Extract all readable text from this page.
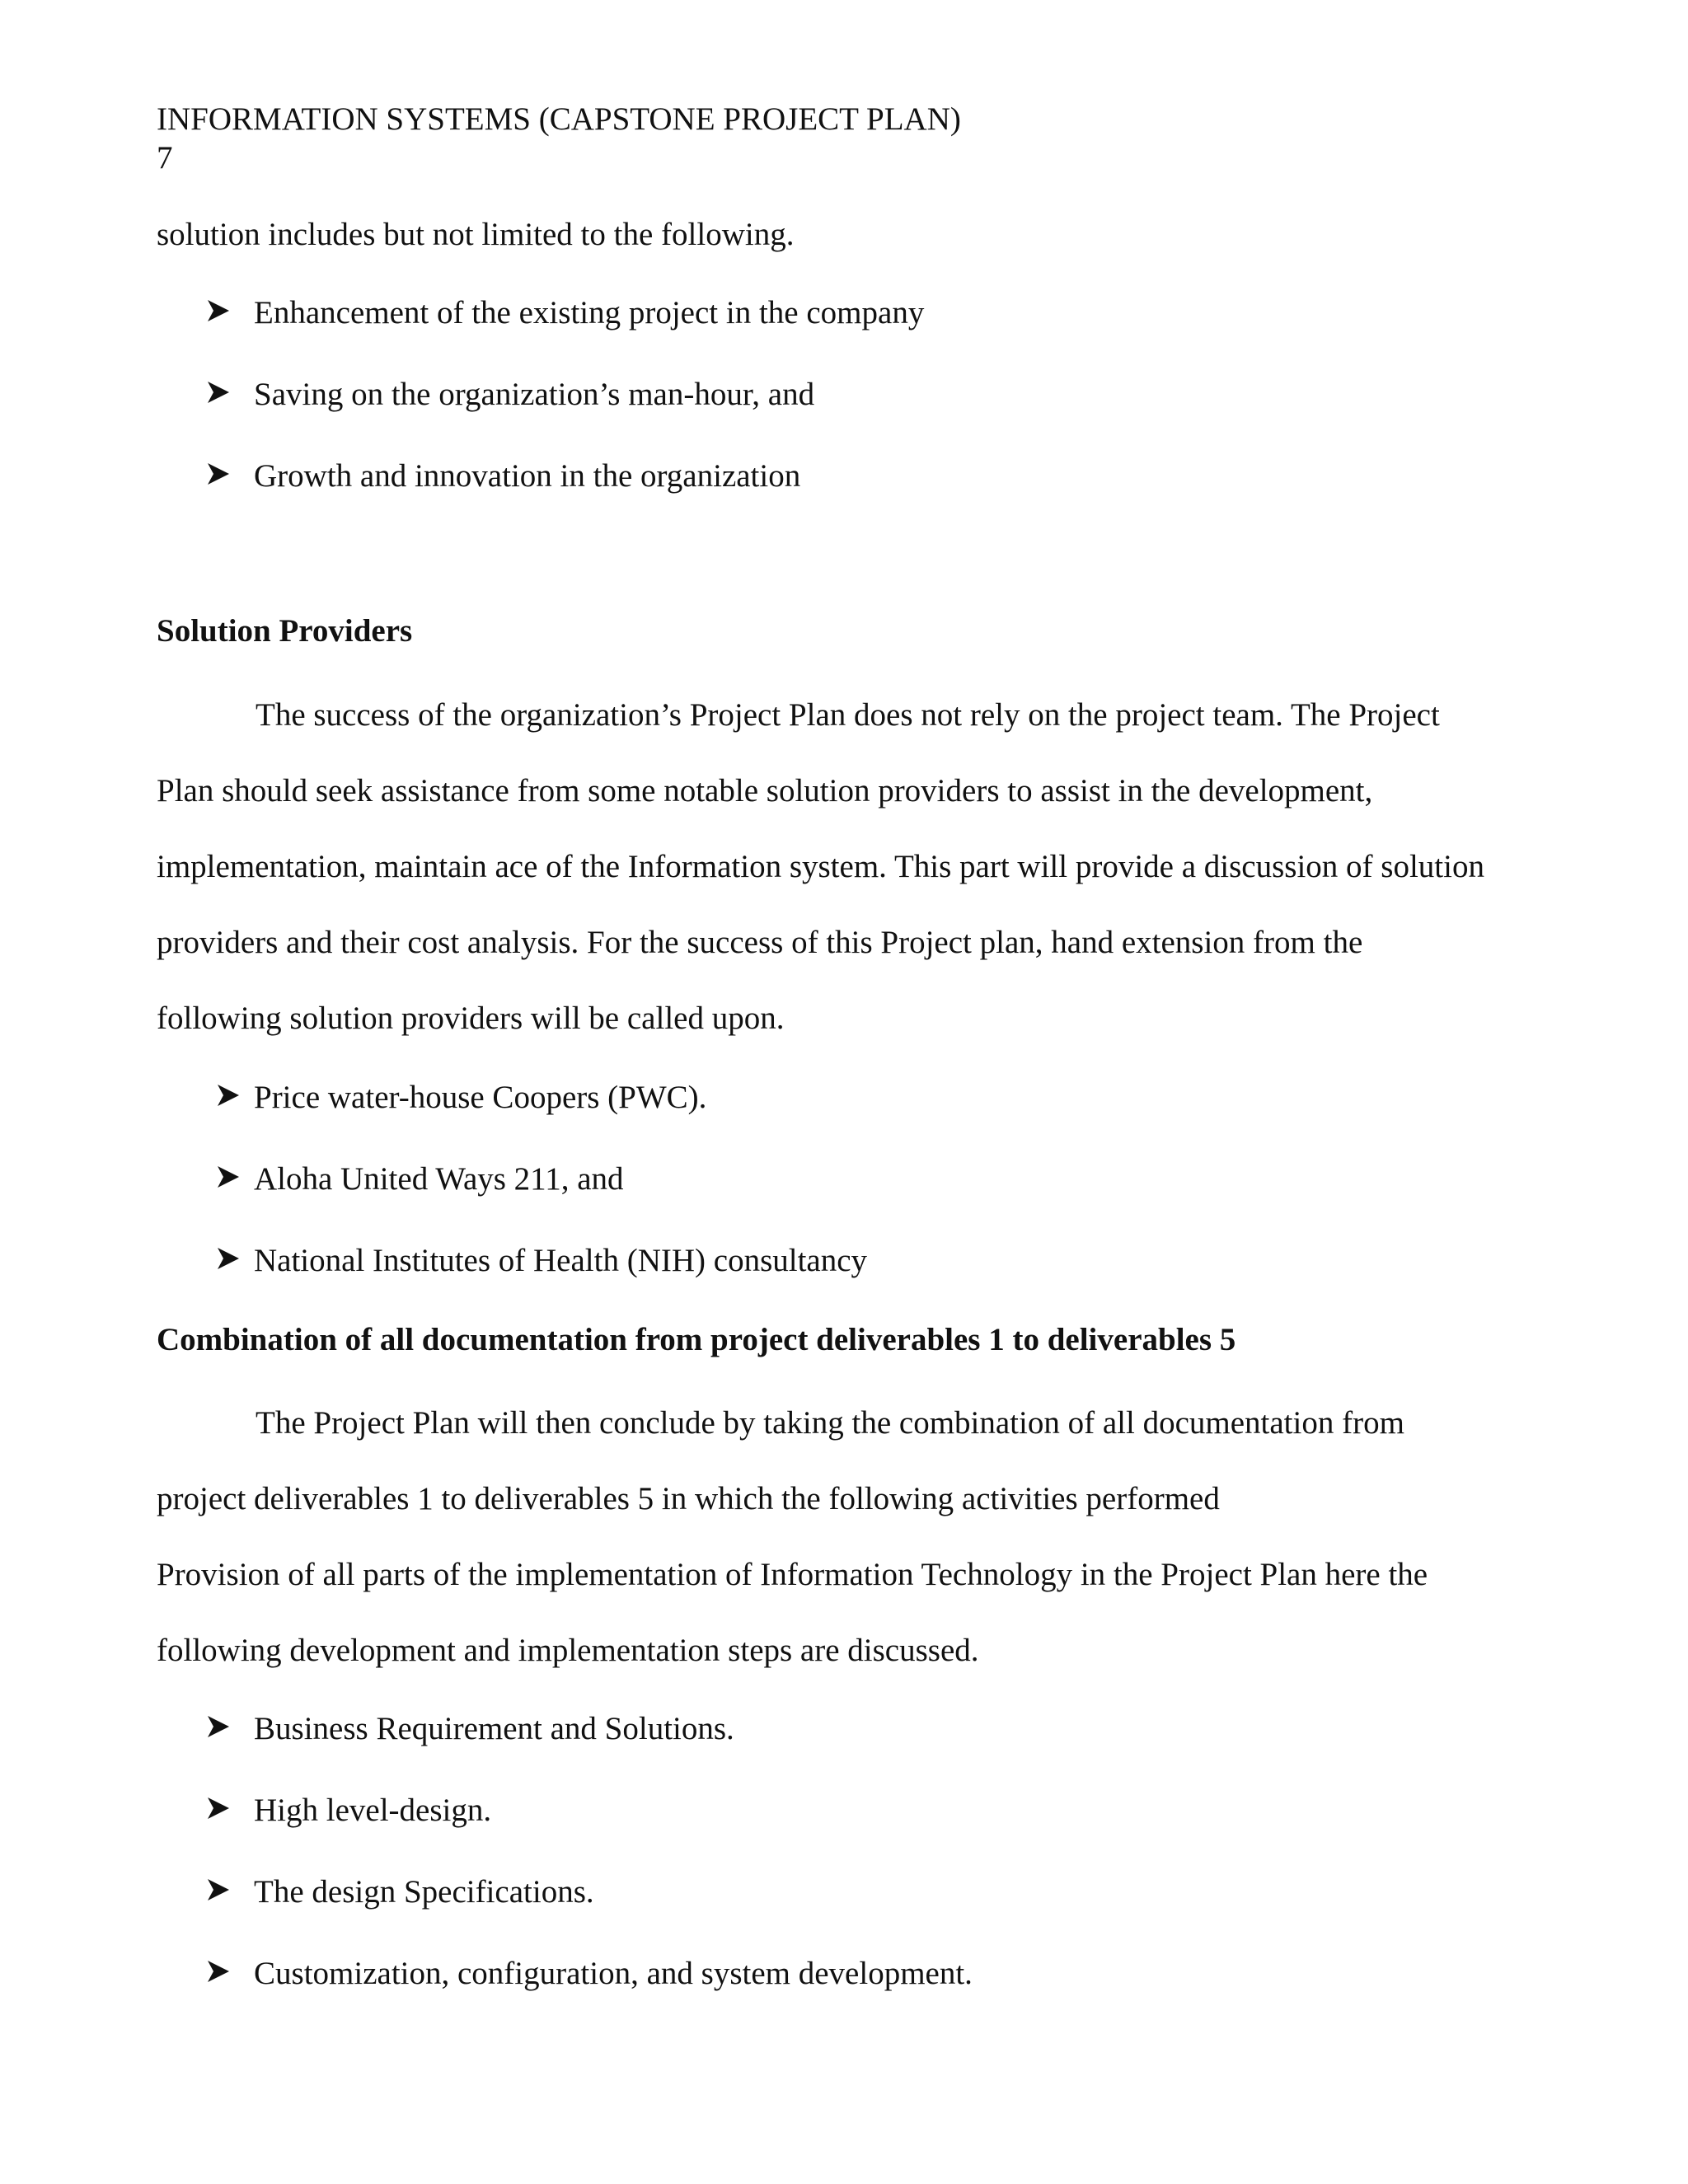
INFORMATION SYSTEMS (CAPSTONE PROJECT PLAN)
7
solution includes but not limited to the following.
Enhancement of the existing project in the company
Saving on the organization’s man-hour, and
Growth and innovation in the organization
Solution Providers
The success of the organization’s Project Plan does not rely on the project team. The Project
Plan should seek assistance from some notable solution providers to assist in the development,
implementation, maintain ace of the Information system. This part will provide a discussion of solution
providers and their cost analysis. For the success of this Project plan, hand extension from the
following solution providers will be called upon.
Price water-house Coopers (PWC).
Aloha United Ways 211, and
National Institutes of Health (NIH) consultancy
Combination of all documentation from project deliverables 1 to deliverables 5
The Project Plan will then conclude by taking the combination of all documentation from
project deliverables 1 to deliverables 5 in which the following activities performed
Provision of all parts of the implementation of Information Technology in the Project Plan here the
following development and implementation steps are discussed.
Business Requirement and Solutions.
High level-design.
The design Specifications.
Customization, configuration, and system development.
